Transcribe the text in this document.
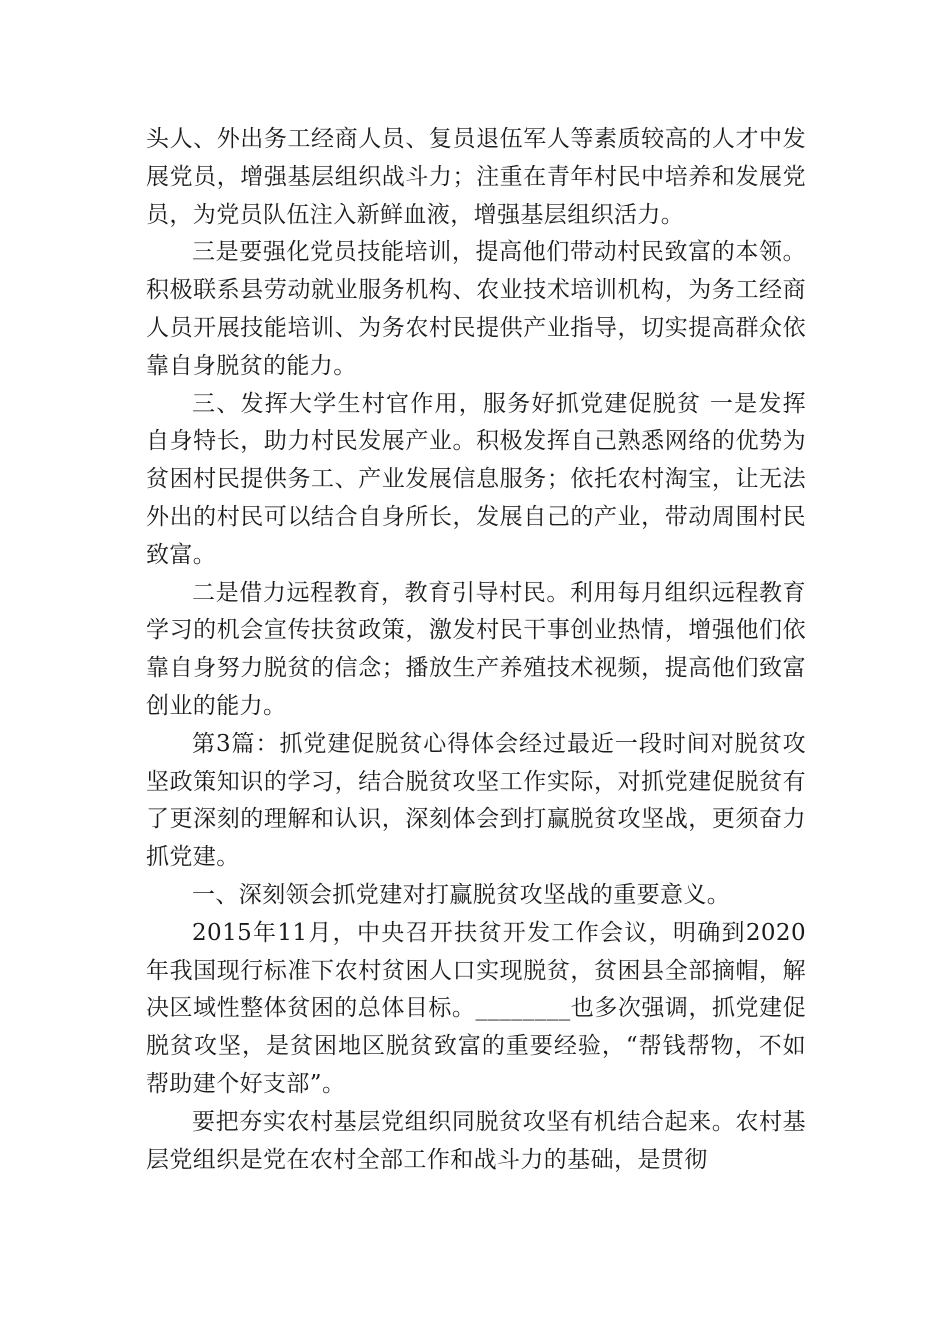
头人、外出务工经商人员、复员退伍军人等素质较高的人才中发展党员，增强基层组织战斗力；注重在青年村民中培养和发展党员，为党员队伍注入新鲜血液，增强基层组织活力。

三是要强化党员技能培训，提高他们带动村民致富的本领。积极联系县劳动就业服务机构、农业技术培训机构，为务工经商人员开展技能培训、为务农村民提供产业指导，切实提高群众依靠自身脱贫的能力。

三、发挥大学生村官作用，服务好抓党建促脱贫 一是发挥自身特长，助力村民发展产业。积极发挥自己熟悉网络的优势为贫困村民提供务工、产业发展信息服务；依托农村淘宝，让无法外出的村民可以结合自身所长，发展自己的产业，带动周围村民致富。

二是借力远程教育，教育引导村民。利用每月组织远程教育学习的机会宣传扶贫政策，激发村民干事创业热情，增强他们依靠自身努力脱贫的信念；播放生产养殖技术视频，提高他们致富创业的能力。

第3篇：抓党建促脱贫心得体会经过最近一段时间对脱贫攻坚政策知识的学习，结合脱贫攻坚工作实际，对抓党建促脱贫有了更深刻的理解和认识，深刻体会到打赢脱贫攻坚战，更须奋力抓党建。

一、深刻领会抓党建对打赢脱贫攻坚战的重要意义。

2015年11月，中央召开扶贫开发工作会议，明确到2020年我国现行标准下农村贫困人口实现脱贫，贫困县全部摘帽，解决区域性整体贫困的总体目标。________也多次强调，抓党建促脱贫攻坚，是贫困地区脱贫致富的重要经验，“帮钱帮物，不如帮助建个好支部”。

要把夯实农村基层党组织同脱贫攻坚有机结合起来。农村基层党组织是党在农村全部工作和战斗力的基础，是贯彻
